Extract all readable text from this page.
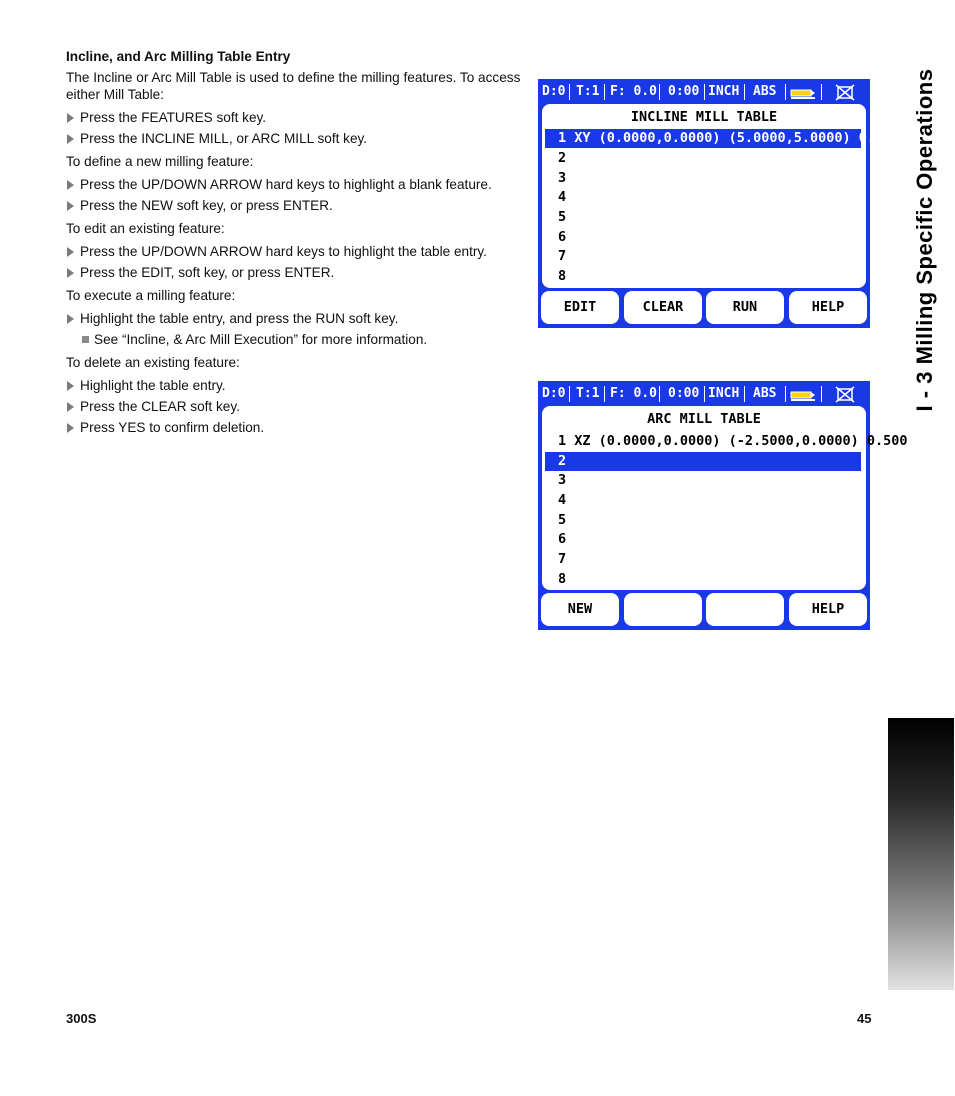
Incline, and Arc Milling Table Entry
The Incline or Arc Mill Table is used to define the milling features. To access either Mill Table:
Press the FEATURES soft key.
Press the INCLINE MILL, or ARC MILL soft key.
To define a new milling feature:
Press the UP/DOWN ARROW hard keys to highlight a blank feature.
Press the NEW soft key, or press ENTER.
To edit an existing feature:
Press the UP/DOWN ARROW hard keys to highlight the table entry.
Press the EDIT, soft key, or press ENTER.
To execute a milling feature:
Highlight the table entry, and press the RUN soft key.
See “Incline, & Arc Mill Execution” for more information.
To delete an existing feature:
Highlight the table entry.
Press the CLEAR soft key.
Press YES to confirm deletion.
D:0 T:1 F: 0.0 0:00 INCH ABS
INCLINE MILL TABLE
1 XY (0.0000,0.0000) (5.0000,5.0000) 0.500
2
3
4
5
6
7
8
EDIT	CLEAR	RUN	HELP
D:0 T:1 F: 0.0 0:00 INCH ABS
ARC MILL TABLE
1 XZ (0.0000,0.0000) (-2.5000,0.0000) 0.500
2
3
4
5
6
7
8
NEW	HELP
I - 3 Milling Specific Operations
300S	45
